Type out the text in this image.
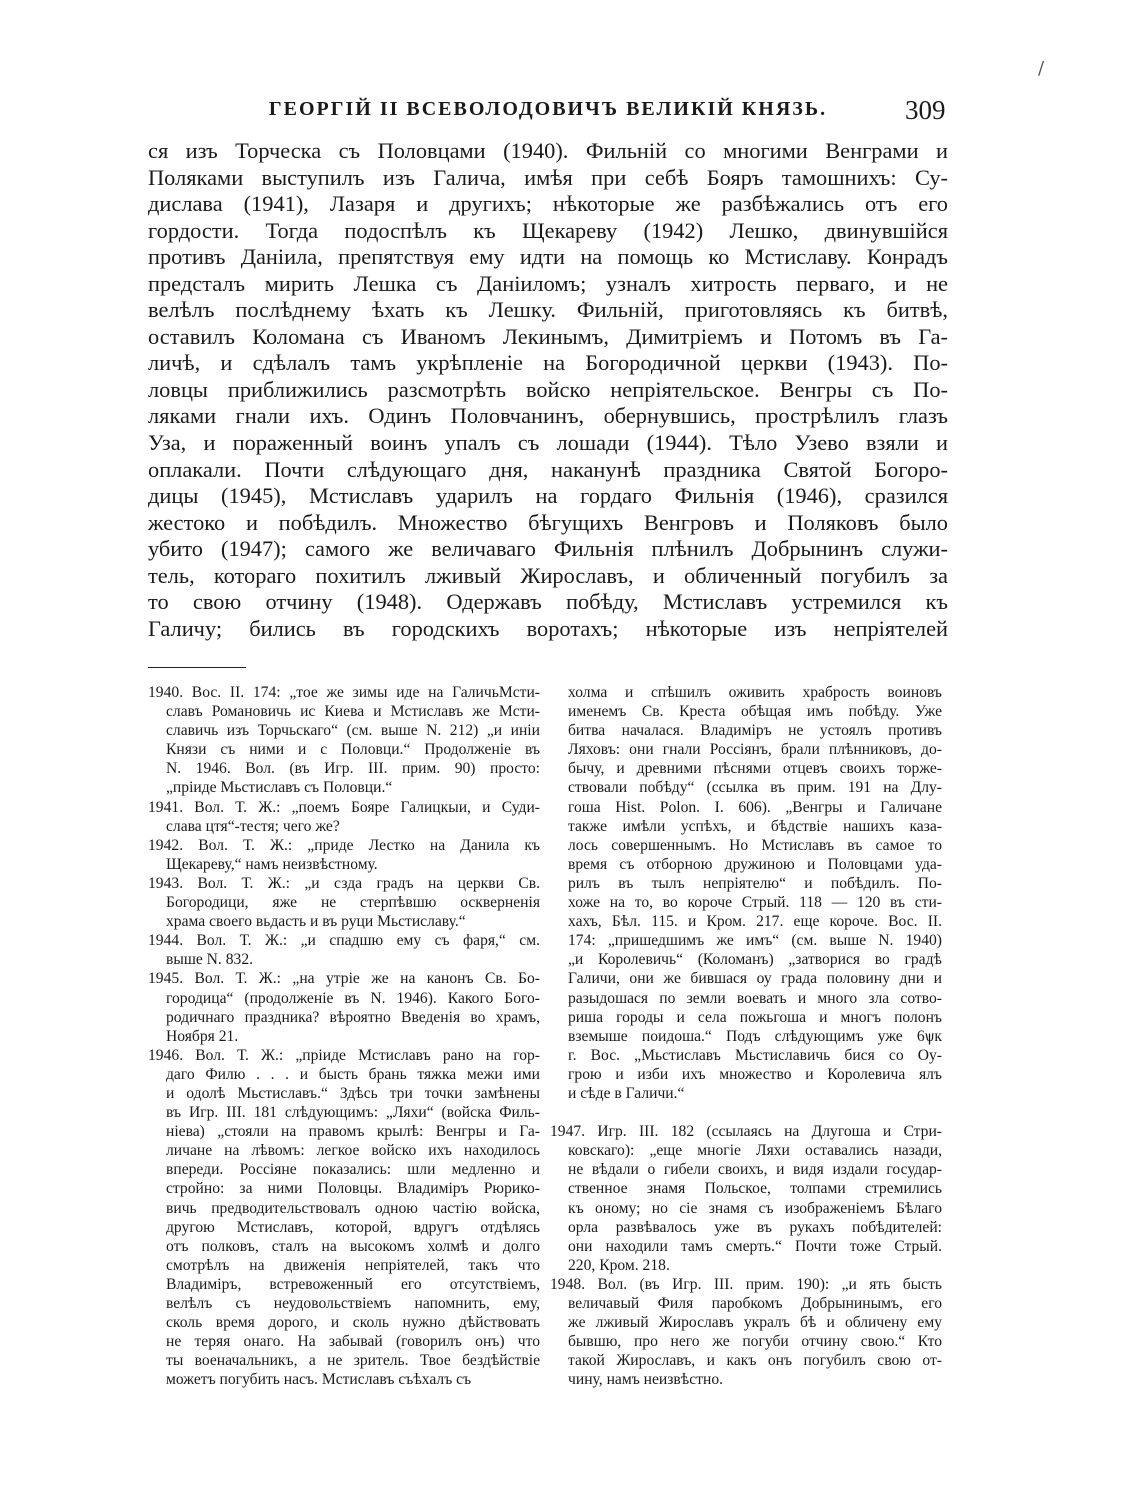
/
ГЕОРГІЙ II ВСЕВОЛОДОВИЧЪ ВЕЛИКІЙ КНЯЗЬ.	309
ся изъ Торческа съ Половцами (1940). Фильній со многими Венграми и
Поляками выступилъ изъ Галича, имѣя при себѣ Бояръ тамошнихъ: Су-
дислава (1941), Лазаря и другихъ; нѣкоторые же разбѣжались отъ его
гордости. Тогда подоспѣлъ къ Щекареву (1942) Лешко, двинувшійся
противъ Даніила, препятствуя ему идти на помощь ко Мстиславу. Конрадъ
предсталъ мирить Лешка съ Даніиломъ; узналъ хитрость перваго, и не
велѣлъ послѣднему ѣхать къ Лешку. Фильній, приготовляясь къ битвѣ,
оставилъ Коломана съ Иваномъ Лекинымъ, Димитріемъ и Потомъ въ Га-
личѣ, и сдѣлалъ тамъ укрѣпленіе на Богородичной церкви (1943). По-
ловцы приближились разсмотрѣть войско непріятельское. Венгры съ По-
ляками гнали ихъ. Одинъ Половчанинъ, обернувшись, прострѣлилъ глазъ
Уза, и пораженный воинъ упалъ съ лошади (1944). Тѣло Узево взяли и
оплакали. Почти слѣдующаго дня, наканунѣ праздника Святой Богоро-
дицы (1945), Мстиславъ ударилъ на гордаго Фильнія (1946), сразился
жестоко и побѣдилъ. Множество бѣгущихъ Венгровъ и Поляковъ было
убито (1947); самого же величаваго Фильнія плѣнилъ Добрынинъ служи-
тель, котораго похитилъ лживый Жирославъ, и обличенный погубилъ за
то свою отчину (1948). Одержавъ побѣду, Мстиславъ устремился къ
Галичу; бились въ городскихъ воротахъ; нѣкоторые изъ непріятелей
1940. Вос. II. 174: „тое же зимы иде на ГаличьМсти-
славъ Романовичь ис Киева и Мстиславъ же Мсти-
славичь изъ Торчьскаго“ (см. выше N. 212) „и инiи
Князи съ ними и с Половци.“ Продолженіе въ
N. 1946. Вол. (въ Игр. III. прим. 90) просто:
„прiиде Мьстиславъ съ Половци.“
1941. Вол. Т. Ж.: „поемъ Бояре Галицкыи, и Суди-
слава цтя“-тестя; чего же?
1942. Вол. Т. Ж.: „приде Лестко на Данила къ
Щекареву,“ намъ неизвѣстному.
1943. Вол. Т. Ж.: „и сзда градъ на церкви Св.
Богородици, яже не стерпѣвшю оскверненія
храма своего вьдасть и въ руци Мьстиславу.“
1944. Вол. Т. Ж.: „и спадшю ему съ фаря,“ см.
выше N. 832.
1945. Вол. Т. Ж.: „на утріе же на канонъ Св. Бо-
городица“ (продолженіе въ N. 1946). Какого Бого-
родичнаго праздника? вѣроятно Введенія во храмъ,
Ноября 21.
1946. Вол. Т. Ж.: „прiиде Мстиславъ рано на гор-
даго Филю . . . и бысть брань тяжка межи ими
и одолѣ Мьстиславъ.“ Здѣсь три точки замѣнены
въ Игр. III. 181 слѣдующимъ: „Ляхи“ (войска Филь-
нiева) „стояли на правомъ крылѣ: Венгры и Га-
личане на лѣвомъ: легкое войско ихъ находилось
впереди. Россіяне показались: шли медленно и
стройно: за ними Половцы. Владиміръ Рюрико-
вичь предводительствовалъ одною частію войска,
другою Мстиславъ, которой, вдругъ отдѣлясь
отъ полковъ, сталъ на высокомъ холмѣ и долго
смотрѣлъ на движенія непріятелей, такъ что
Владиміръ, встревоженный его отсутствіемъ,
велѣлъ съ неудовольствіемъ напомнить, ему,
сколь время дорого, и сколь нужно дѣйствовать
не теряя онаго. На забывай (говорилъ онъ) что
ты военачальникъ, а не зритель. Твое бездѣйствіе
можетъ погубить насъ. Мстиславъ съѣхалъ съ
холма и спѣшилъ оживить храбрость воиновъ
именемъ Св. Креста обѣщая имъ побѣду. Уже
битва началася. Владиміръ не устоялъ противъ
Ляховъ: они гнали Россіянъ, брали плѣнниковъ, до-
бычу, и древними пѣснями отцевъ своихъ торже-
ствовали побѣду“ (ссылка въ прим. 191 на Длу-
гоша Hist. Polon. I. 606). „Венгры и Галичане
также имѣли успѣхъ, и бѣдствіе нашихъ каза-
лось совершеннымъ. Но Мстиславъ въ самое то
время съ отборною дружиною и Половцами уда-
рилъ въ тылъ непріятелю“ и побѣдилъ. По-
хоже на то, во короче Стрый. 118 — 120 въ сти-
хахъ, Бѣл. 115. и Кром. 217. еще короче. Вос. II.
174: „пришедшимъ же имъ“ (см. выше N. 1940)
„и Королевичь“ (Коломанъ) „затворися во градѣ
Галичи, они же бившася оу града половину дни и
разыдошася по земли воевать и много зла сотво-
риша городы и села пожьгоша и многъ полонъ
вземыше поидоша.“ Подъ слѣдующимъ уже 6ѱк
г. Вос. „Мьстиславъ Мьстиславичь бися со Оу-
грою и изби ихъ множество и Королевича ялъ
и сѣде в Галичи.“
1947. Игр. III. 182 (ссылаясь на Длугоша и Стри-
ковскаго): „еще многіе Ляхи оставались назади,
не вѣдали о гибели своихъ, и видя издали государ-
ственное знамя Польское, толпами стремились
къ оному; но сіе знамя съ изображеніемъ Бѣлаго
орла развѣвалось уже въ рукахъ побѣдителей:
они находили тамъ смерть.“ Почти тоже Стрый.
220, Кром. 218.
1948. Вол. (въ Игр. III. прим. 190): „и ять бысть
величавый Филя паробкомъ Добрынинымъ, его
же лживый Жирославъ укралъ бѣ и обличену ему
бывшю, про него же погуби отчину свою.“ Кто
такой Жирославъ, и какъ онъ погубилъ свою от-
чину, намъ неизвѣстно.
